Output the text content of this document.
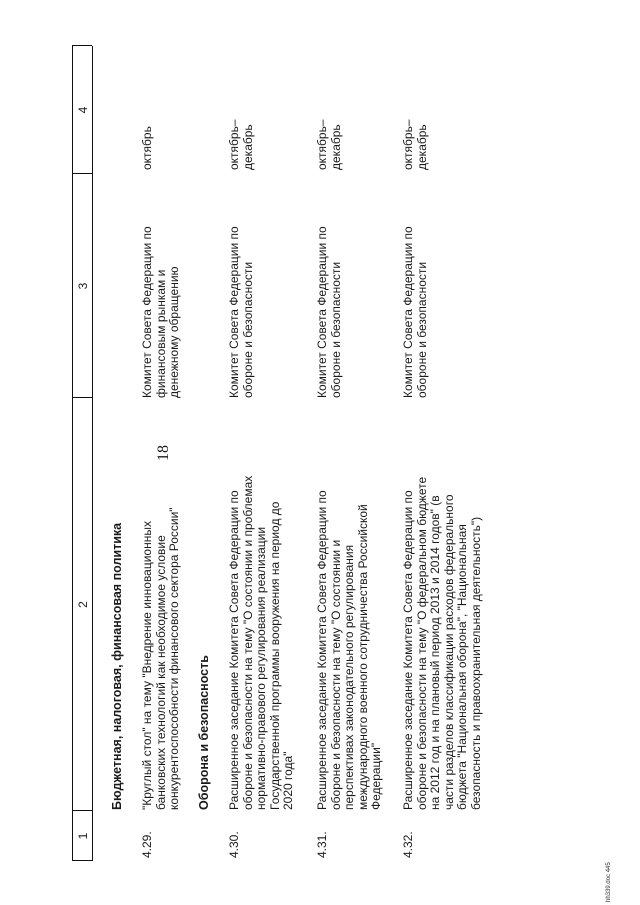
18
1
2
3
4
Бюджетная, налоговая, финансовая политика
4.29.
"Круглый стол" на тему "Внедрение инновационных
банковских технологий как необходимое условие
конкурентоспособности финансового сектора России"
Комитет Совета Федерации по
финансовым рынкам и
денежному обращению
октябрь
Оборона и безопасность
4.30.
Расширенное заседание Комитета Совета Федерации по
обороне и безопасности на тему "О состоянии и проблемах
нормативно-правового регулирования реализации
Государственной программы вооружения на период до
2020 года"
Комитет Совета Федерации по
обороне и безопасности
октябрь–
декабрь
4.31.
Расширенное заседание Комитета Совета Федерации по
обороне и безопасности на тему "О состоянии и
перспективах законодательного регулирования
международного военного сотрудничества Российской
Федерации"
Комитет Совета Федерации по
обороне и безопасности
октябрь–
декабрь
4.32.
Расширенное заседание Комитета Совета Федерации по
обороне и безопасности на тему "О федеральном бюджете
на 2012 год и на плановый период 2013 и 2014 годов" (в
части разделов классификации расходов федерального
бюджета "Национальная оборона", "Национальная
безопасность и правоохранительная деятельность")
Комитет Совета Федерации по
обороне и безопасности
октябрь–
декабрь
hh339.doc 445
